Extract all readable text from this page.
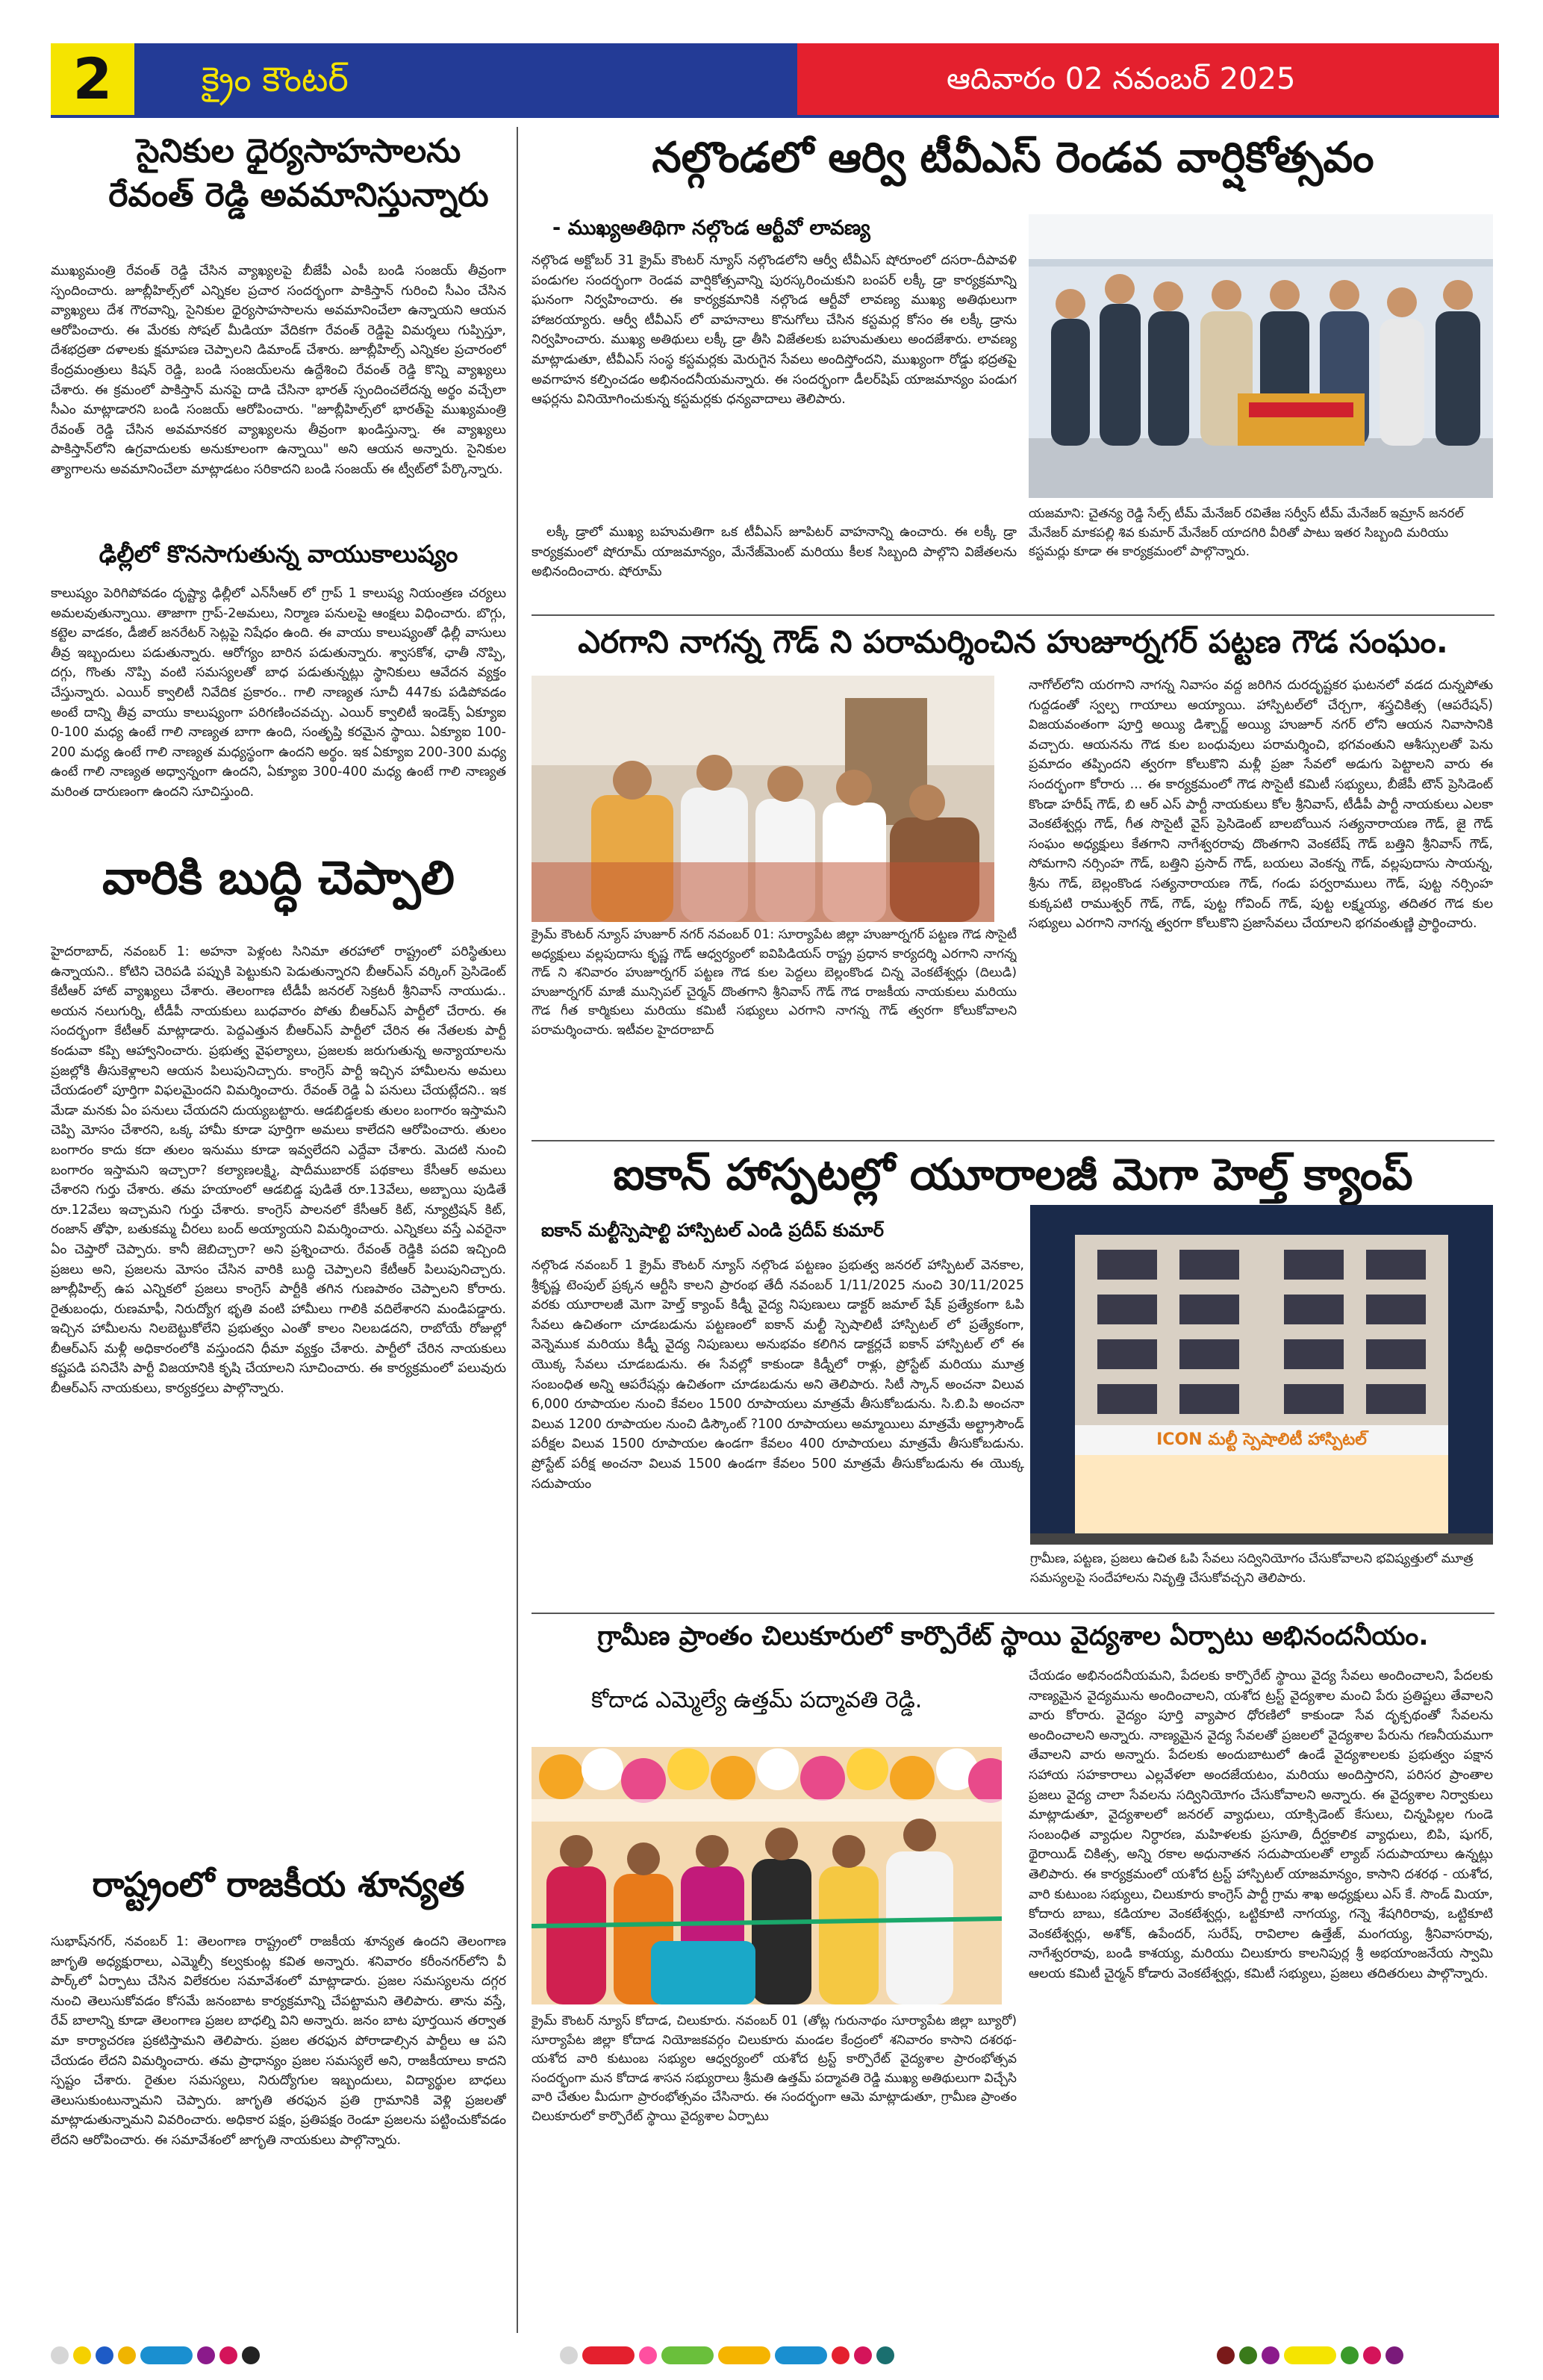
2	క్రైం కౌంటర్	ఆదివారం 02 నవంబర్ 2025
సైనికుల ధైర్యసాహసాలను
రేవంత్ రెడ్డి అవమానిస్తున్నారు

ముఖ్యమంత్రి రేవంత్ రెడ్డి చేసిన వ్యాఖ్యలపై బీజేపీ ఎంపీ బండి సంజయ్ తీవ్రంగా స్పందించారు. జూబ్లీహిల్స్‌లో ఎన్నికల ప్రచార సందర్భంగా పాకిస్తాన్ గురించి సీఎం చేసిన వ్యాఖ్యలు దేశ గౌరవాన్ని, సైనికుల ధైర్యసాహసాలను అవమానించేలా ఉన్నాయని ఆయన ఆరోపించారు. ఈ మేరకు సోషల్ మీడియా వేదికగా రేవంత్ రెడ్డిపై విమర్శలు గుప్పిస్తూ, దేశభద్రతా దళాలకు క్షమాపణ చెప్పాలని డిమాండ్ చేశారు. జూబ్లీహిల్స్ ఎన్నికల ప్రచారంలో కేంద్రమంత్రులు కిషన్ రెడ్డి, బండి సంజయ్‌లను ఉద్దేశించి రేవంత్ రెడ్డి కొన్ని వ్యాఖ్యలు చేశారు. ఈ క్రమంలో పాకిస్తాన్ మనపై దాడి చేసినా భారత్ స్పందించలేదన్న అర్థం వచ్చేలా సీఎం మాట్లాడారని బండి సంజయ్ ఆరోపించారు. "జూబ్లీహిల్స్‌లో భారత్‌పై ముఖ్యమంత్రి రేవంత్ రెడ్డి చేసిన అవమానకర వ్యాఖ్యలను తీవ్రంగా ఖండిస్తున్నా. ఈ వ్యాఖ్యలు పాకిస్తాన్‌లోని ఉగ్రవాదులకు అనుకూలంగా ఉన్నాయి" అని ఆయన అన్నారు. సైనికుల త్యాగాలను అవమానించేలా మాట్లాడటం సరికాదని బండి సంజయ్ ఈ ట్వీట్‌లో పేర్కొన్నారు.

ఢిల్లీలో కొనసాగుతున్న వాయుకాలుష్యం

కాలుష్యం పెరిగిపోవడం దృష్ట్యా ఢిల్లీలో ఎన్‌సీఆర్ లో గ్రాప్ 1 కాలుష్య నియంత్రణ చర్యలు అమలవుతున్నాయి. తాజాగా గ్రాప్-2అమలు, నిర్మాణ పనులపై ఆంక్షలు విధించారు. బొగ్గు, కట్టెల వాడకం, డీజిల్ జనరేటర్ సెట్లపై నిషేధం ఉంది. ఈ వాయు కాలుష్యంతో ఢిల్లీ వాసులు తీవ్ర ఇబ్బందులు పడుతున్నారు. ఆరోగ్యం బారిన పడుతున్నారు. శ్వాసకోశ, ఛాతీ నొప్పి, దగ్గు, గొంతు నొప్పి వంటి సమస్యలతో బాధ పడుతున్నట్లు స్థానికులు ఆవేదన వ్యక్తం చేస్తున్నారు. ఎయిర్ క్వాలిటీ నివేదిక ప్రకారం.. గాలి నాణ్యత సూచీ 447కు పడిపోవడం అంటే దాన్ని తీవ్ర వాయు కాలుష్యంగా పరిగణించవచ్చు. ఎయిర్ క్వాలిటీ ఇండెక్స్ ఏక్యూఐ 0-100 మధ్య ఉంటే గాలి నాణ్యత బాగా ఉంది, సంతృప్తి కరమైన స్థాయి. ఏక్యూఐ 100-200 మధ్య ఉంటే గాలి నాణ్యత మధ్యస్థంగా ఉందని అర్థం. ఇక ఏక్యూఐ 200-300 మధ్య ఉంటే గాలి నాణ్యత అధ్వాన్నంగా ఉందని, ఏక్యూఐ 300-400 మధ్య ఉంటే గాలి నాణ్యత మరింత దారుణంగా ఉందని సూచిస్తుంది.

వారికి బుద్ధి చెప్పాలి

హైదరాబాద్, నవంబర్ 1: అహనా పెళ్లంట సినిమా తరహాలో రాష్ట్రంలో పరిస్థితులు ఉన్నాయని.. కోటిని చెరిపడి పప్పుకి పెట్టుకుని పెడుతున్నారని బీఆర్ఎస్ వర్కింగ్ ప్రెసిడెంట్ కేటీఆర్ హాట్ వ్యాఖ్యలు చేశారు. తెలంగాణ టీడీపీ జనరల్ సెక్రటరీ శ్రీనివాస్ నాయుడు.. అయన నలుగుర్ని, టీడీపీ నాయకులు బుధవారం పోతు బీఆర్ఎస్ పార్టీలో చేరారు. ఈ సందర్భంగా కేటీఆర్ మాట్లాడారు. పెద్దఎత్తున బీఆర్ఎస్ పార్టీలో చేరిన ఈ నేతలకు పార్టీ కండువా కప్పి ఆహ్వానించారు. ప్రభుత్వ వైఫల్యాలు, ప్రజలకు జరుగుతున్న అన్యాయాలను ప్రజల్లోకి తీసుకెళ్లాలని ఆయన పిలుపునిచ్చారు. కాంగ్రెస్ పార్టీ ఇచ్చిన హామీలను అమలు చేయడంలో పూర్తిగా విఫలమైందని విమర్శించారు. రేవంత్ రెడ్డి ఏ పనులు చేయట్లేదని.. ఇక మేడా మనకు ఏం పనులు చేయదని దుయ్యబట్టారు. ఆడబిడ్డలకు తులం బంగారం ఇస్తామని చెప్పి మోసం చేశారని, ఒక్క హామీ కూడా పూర్తిగా అమలు కాలేదని ఆరోపించారు. తులం బంగారం కాదు కదా తులం ఇనుము కూడా ఇవ్వలేదని ఎద్దేవా చేశారు. మెదటి నుంచి బంగారం ఇస్తామని ఇచ్చారా? కల్యాణలక్ష్మి, షాదీముబారక్ పథకాలు కేసీఆర్ అమలు చేశారని గుర్తు చేశారు. తమ హయాంలో ఆడబిడ్డ పుడితే రూ.13వేలు, అబ్బాయి పుడితే రూ.12వేలు ఇచ్చామని గుర్తు చేశారు. కాంగ్రెస్ పాలనలో కేసీఆర్ కిట్, న్యూట్రిషన్ కిట్, రంజాన్ తోఫా, బతుకమ్మ చీరలు బంద్ అయ్యాయని విమర్శించారు. ఎన్నికలు వస్తే ఎవరైనా ఏం చెప్తారో చెప్పారు. కానీ జెబిచ్చారా? అని ప్రశ్నించారు. రేవంత్ రెడ్డికి పదవి ఇచ్చింది ప్రజలు అని, ప్రజలను మోసం చేసిన వారికి బుద్ధి చెప్పాలని కేటీఆర్ పిలుపునిచ్చారు. జూబ్లీహిల్స్ ఉప ఎన్నికలో ప్రజలు కాంగ్రెస్ పార్టీకి తగిన గుణపాఠం చెప్పాలని కోరారు. రైతుబంధు, రుణమాఫీ, నిరుద్యోగ భృతి వంటి హామీలు గాలికి వదిలేశారని మండిపడ్డారు. ఇచ్చిన హామీలను నిలబెట్టుకోలేని ప్రభుత్వం ఎంతో కాలం నిలబడదని, రాబోయే రోజుల్లో బీఆర్ఎస్ మళ్లీ అధికారంలోకి వస్తుందని ధీమా వ్యక్తం చేశారు. పార్టీలో చేరిన నాయకులు కష్టపడి పనిచేసి పార్టీ విజయానికి కృషి చేయాలని సూచించారు. ఈ కార్యక్రమంలో పలువురు బీఆర్ఎస్ నాయకులు, కార్యకర్తలు పాల్గొన్నారు.

రాష్ట్రంలో రాజకీయ శూన్యత

సుభాష్‌నగర్, నవంబర్ 1: తెలంగాణ రాష్ట్రంలో రాజకీయ శూన్యత ఉందని తెలంగాణ జాగృతి అధ్యక్షురాలు, ఎమ్మెల్సీ కల్వకుంట్ల కవిత అన్నారు. శనివారం కరీంనగర్‌లోని వీ పార్క్‌లో ఏర్పాటు చేసిన విలేకరుల సమావేశంలో మాట్లాడారు. ప్రజల సమస్యలను దగ్గర నుంచి తెలుసుకోవడం కోసమే జనంబాట కార్యక్రమాన్ని చేపట్టామని తెలిపారు. తాను వస్తే, రేవ్ బాలాన్ని కూడా తెలంగాణ ప్రజల బాధల్ని విని అన్నారు. జనం బాట పూర్తయిన తర్వాత మా కార్యాచరణ ప్రకటిస్తామని తెలిపారు. ప్రజల తరఫున పోరాడాల్సిన పార్టీలు ఆ పని చేయడం లేదని విమర్శించారు. తమ ప్రాధాన్యం ప్రజల సమస్యలే అని, రాజకీయాలు కాదని స్పష్టం చేశారు. రైతుల సమస్యలు, నిరుద్యోగుల ఇబ్బందులు, విద్యార్థుల బాధలు తెలుసుకుంటున్నామని చెప్పారు. జాగృతి తరఫున ప్రతి గ్రామానికి వెళ్లి ప్రజలతో మాట్లాడుతున్నామని వివరించారు. అధికార పక్షం, ప్రతిపక్షం రెండూ ప్రజలను పట్టించుకోవడం లేదని ఆరోపించారు. ఈ సమావేశంలో జాగృతి నాయకులు పాల్గొన్నారు.

నల్గొండలో ఆర్వి టీవీఎస్ రెండవ వార్షికోత్సవం
- ముఖ్యఅతిథిగా నల్గొండ ఆర్టీవో లావణ్య

నల్గొండ అక్టోబర్ 31 క్రైమ్ కౌంటర్ న్యూస్ నల్గొండలోని ఆర్వీ టీవీఎస్ షోరూంలో దసరా-దీపావళి పండుగల సందర్భంగా రెండవ వార్షికోత్సవాన్ని పురస్కరించుకుని బంపర్ లక్కీ డ్రా కార్యక్రమాన్ని ఘనంగా నిర్వహించారు. ఈ కార్యక్రమానికి నల్గొండ ఆర్టీవో లావణ్య ముఖ్య అతిథులుగా హాజరయ్యారు. ఆర్వీ టీవీఎస్ లో వాహనాలు కొనుగోలు చేసిన కస్టమర్ల కోసం ఈ లక్కీ డ్రాను నిర్వహించారు. ముఖ్య అతిథులు లక్కీ డ్రా తీసి విజేతలకు బహుమతులు అందజేశారు. లావణ్య మాట్లాడుతూ, టీవీఎస్ సంస్థ కస్టమర్లకు మెరుగైన సేవలు అందిస్తోందని, ముఖ్యంగా రోడ్డు భద్రతపై అవగాహన కల్పించడం అభినందనీయమన్నారు. ఈ సందర్భంగా డీలర్‌షిప్ యాజమాన్యం పండుగ ఆఫర్లను వినియోగించుకున్న కస్టమర్లకు ధన్యవాదాలు తెలిపారు.

లక్కీ డ్రాలో ముఖ్య బహుమతిగా ఒక టీవీఎస్ జూపిటర్ వాహనాన్ని ఉంచారు. ఈ లక్కీ డ్రా కార్యక్రమంలో షోరూమ్ యాజమాన్యం, మేనేజ్‌మెంట్ మరియు కీలక సిబ్బంది పాల్గొని విజేతలను అభినందించారు. షోరూమ్

యజమాని: చైతన్య రెడ్డి సేల్స్ టీమ్ మేనేజర్ రవితేజ సర్వీస్ టీమ్ మేనేజర్ ఇమ్రాన్ జనరల్ మేనేజర్ మాకపల్లి శివ కుమార్ మేనేజర్ యాదగిరి వీరితో పాటు ఇతర సిబ్బంది మరియు కస్టమర్లు కూడా ఈ కార్యక్రమంలో పాల్గొన్నారు.
ఎరగాని నాగన్న గౌడ్ ని పరామర్శించిన హుజూర్నగర్ పట్టణ గౌడ సంఘం.
క్రైమ్ కౌంటర్ న్యూస్ హుజూర్ నగర్ నవంబర్ 01: సూర్యాపేట జిల్లా హుజూర్నగర్ పట్టణ గౌడ సొసైటీ అధ్యక్షులు వల్లపుదాసు కృష్ణ గౌడ్ ఆధ్వర్యంలో ఐవిపిడియస్ రాష్ట్ర ప్రధాన కార్యదర్శి ఎరగాని నాగన్న గౌడ్ ని శనివారం హుజూర్నగర్ పట్టణ గౌడ కుల పెద్దలు బెల్లంకొండ చిన్న వెంకటేశ్వర్లు (దిలుడి) హుజూర్నగర్ మాజీ మున్సిపల్ చైర్మన్ దొంతగాని శ్రీనివాస్ గౌడ్ గౌడ రాజకీయ నాయకులు మరియు గౌడ గీత కార్మికులు మరియు కమిటీ సభ్యులు ఎరగాని నాగన్న గౌడ్ త్వరగా కోలుకోవాలని పరామర్శించారు. ఇటీవల హైదరాబాద్

నాగోల్‌లోని యరగాని నాగన్న నివాసం వద్ద జరిగిన దురదృష్టకర ఘటనలో వడద దున్నపోతు గుద్దడంతో స్వల్ప గాయాలు అయ్యాయి. హాస్పిటల్‌లో చేర్చగా, శస్త్రచికిత్స (ఆపరేషన్) విజయవంతంగా పూర్తి అయ్యి డిశ్చార్జ్ అయ్యి హుజూర్ నగర్ లోని ఆయన నివాసానికి వచ్చారు. ఆయనను గౌడ కుల బంధువులు పరామర్శించి, భగవంతుని ఆశీస్సులతో పెను ప్రమాదం తప్పిందని త్వరగా కోలుకొని మళ్లీ ప్రజా సేవలో అడుగు పెట్టాలని వారు ఈ సందర్భంగా కోరారు ... ఈ కార్యక్రమంలో గౌడ సొసైటీ కమిటీ సభ్యులు, బీజేపీ టౌన్ ప్రెసిడెంట్ కొండా హరీష్ గౌడ్, బి ఆర్ ఎస్ పార్టీ నాయకులు కోల శ్రీనివాస్, టీడీపీ పార్టీ నాయకులు ఎలకా వెంకటేశ్వర్లు గౌడ్, గీత సొసైటీ వైస్ ప్రెసిడెంట్ బాలబోయిన సత్యనారాయణ గౌడ్, జై గౌడ్ సంఘం అధ్యక్షులు కేతగాని నాగేశ్వరరావు దొంతగాని వెంకటేష్ గౌడ్ బత్తిని శ్రీనివాస్ గౌడ్, సోమగాని నర్సింహ గౌడ్, బత్తిని ప్రసాద్ గౌడ్, బయలు వెంకన్న గౌడ్, వల్లపుదాసు సాయన్న, శ్రీను గౌడ్, బెల్లంకొండ సత్యనారాయణ గౌడ్, గండు పర్వరాములు గౌడ్, పుట్ట నర్సింహ కుక్కపటి రాముశ్వర్ గౌడ్, గౌడ్, పుట్ట గోవింద్ గౌడ్, పుట్ట లక్ష్మయ్య, తదితర గౌడ కుల సభ్యులు ఎరగాని నాగన్న త్వరగా కోలుకొని ప్రజాసేవలు చేయాలని భగవంతుణ్ణి ప్రార్థించారు.

ఐకాన్ హాస్పటల్లో యూరాలజీ మెగా హెల్త్ క్యాంప్
ఐకాన్ మల్టీస్పెషాల్టి హాస్పిటల్ ఎండి ప్రదీప్ కుమార్

నల్గొండ నవంబర్ 1 క్రైమ్ కౌంటర్ న్యూస్ నల్గొండ పట్టణం ప్రభుత్వ జనరల్ హాస్పిటల్ వెనకాల, శ్రీకృష్ణ టెంపుల్ ప్రక్కన ఆర్టీసి కాలని ప్రారంభ తేదీ నవంబర్ 1/11/2025 నుంచి 30/11/2025 వరకు యూరాలజీ మెగా హెల్త్ క్యాంప్ కిడ్నీ వైద్య నిపుణులు డాక్టర్ జమాల్ షేక్ ప్రత్యేకంగా ఓపి సేవలు ఉచితంగా చూడబడును పట్టణంలో ఐకాన్ మల్టీ స్పెషాలిటీ హాస్పిటల్ లో ప్రత్యేకంగా, వెన్నెముక మరియు కిడ్నీ వైద్య నిపుణులు అనుభవం కలిగిన డాక్టర్లచే ఐకాన్ హాస్పిటల్ లో ఈ యొక్క సేవలు చూడబడును. ఈ సేవల్లో కాకుండా కిడ్నీలో రాళ్లు, ప్రోస్టేట్ మరియు మూత్ర సంబంధిత అన్ని ఆపరేషన్లు ఉచితంగా చూడబడును అని తెలిపారు. సిటీ స్కాన్ అంచనా విలువ 6,000 రూపాయల నుంచి కేవలం 1500 రూపాయలు మాత్రమే తీసుకోబడును. సి.బి.పి అంచనా విలువ 1200 రూపాయల నుంచి డిస్కౌంట్ ?100 రూపాయలు అమ్మాయిలు మాత్రమే అల్ట్రాసౌండ్ పరీక్షల విలువ 1500 రూపాయల ఉండగా కేవలం 400 రూపాయలు మాత్రమే తీసుకోబడును. ప్రోస్టేట్ పరీక్ష అంచనా విలువ 1500 ఉండగా కేవలం 500 మాత్రమే తీసుకోబడును ఈ యొక్క సదుపాయం

ICON మల్టీ స్పెషాలిటీ హాస్పిటల్
గ్రామీణ, పట్టణ, ప్రజలు ఉచిత ఓపి సేవలు సద్వినియోగం చేసుకోవాలని భవిష్యత్తులో మూత్ర సమస్యలపై సందేహాలను నివృత్తి చేసుకోవచ్చని తెలిపారు.
గ్రామీణ ప్రాంతం చిలుకూరులో కార్పొరేట్ స్థాయి వైద్యశాల ఏర్పాటు అభినందనీయం.
కోదాడ ఎమ్మెల్యే ఉత్తమ్ పద్మావతి రెడ్డి.
క్రైమ్ కౌంటర్ న్యూస్ కోదాడ, చిలుకూరు. నవంబర్ 01 (తోట్ల గురునాథం సూర్యాపేట జిల్లా బ్యూరో) సూర్యాపేట జిల్లా కోదాడ నియోజకవర్గం చిలుకూరు మండల కేంద్రంలో శనివారం కాసాని దశరథ-యశోద వారి కుటుంబ సభ్యుల ఆధ్వర్యంలో యశోద ట్రస్ట్ కార్పొరేట్ వైద్యశాల ప్రారంభోత్సవ సందర్భంగా మన కోదాడ శాసన సభ్యురాలు శ్రీమతి ఉత్తమ్ పద్మావతి రెడ్డి ముఖ్య అతిథులుగా విచ్చేసి వారి చేతుల మీదుగా ప్రారంభోత్సవం చేసినారు. ఈ సందర్భంగా ఆమె మాట్లాడుతూ, గ్రామీణ ప్రాంతం చిలుకూరులో కార్పొరేట్ స్థాయి వైద్యశాల ఏర్పాటు

చేయడం అభినందనీయమని, పేదలకు కార్పొరేట్ స్థాయి వైద్య సేవలు అందించాలని, పేదలకు నాణ్యమైన వైద్యమును అందించాలని, యశోద ట్రస్ట్ వైద్యశాల మంచి పేరు ప్రతిష్టలు తేవాలని వారు కోరారు. వైద్యం పూర్తి వ్యాపార ధోరణిలో కాకుండా సేవ దృక్పథంతో సేవలను అందించాలని అన్నారు. నాణ్యమైన వైద్య సేవలతో ప్రజలలో వైద్యశాల పేరును గణనీయముగా తేవాలని వారు అన్నారు. పేదలకు అందుబాటులో ఉండే వైద్యశాలలకు ప్రభుత్వం పక్షాన సహాయ సహకారాలు ఎల్లవేళలా అందజేయటం, మరియు అందిస్తారని, పరిసర ప్రాంతాల ప్రజలు వైద్య చాలా సేవలను సద్వినియోగం చేసుకోవాలని అన్నారు. ఈ వైద్యశాల నిర్వాకులు మాట్లాడుతూ, వైద్యశాలలో జనరల్ వ్యాధులు, యాక్సిడెంట్ కేసులు, చిన్నపిల్లల గుండె సంబంధిత వ్యాధుల నిర్ధారణ, మహిళలకు ప్రసూతి, దీర్ఘకాలిక వ్యాధులు, బిపి, షుగర్, థైరాయిడ్ చికిత్స, అన్ని రకాల అధునాతన సదుపాయలతో ల్యాబ్ సదుపాయాలు ఉన్నట్లు తెలిపారు. ఈ కార్యక్రమంలో యశోద ట్రస్ట్ హాస్పిటల్ యాజమాన్యం, కాసాని దశరథ - యశోద, వారి కుటుంబ సభ్యులు, చిలుకూరు కాంగ్రెస్ పార్టీ గ్రామ శాఖ అధ్యక్షులు ఎస్ కే. సొండ్ మియా, కోదారు బాబు, కడియాల వెంకటేశ్వర్లు, ఒట్టికూటి నాగయ్య, గన్నె శేషగిరిరావు, ఒట్టికూటి వెంకటేశ్వర్లు, అశోక్, ఉపేందర్, సురేష్, రావిలాల ఉత్తేజ్, మంగయ్య, శ్రీనివాసరావు, నాగేశ్వరరావు, బండి కాశయ్య, మరియు చిలుకూరు కాలనిపుర్ల శ్రీ అభయాంజనేయ స్వామి ఆలయ కమిటీ చైర్మన్ కోడారు వెంకటేశ్వర్లు, కమిటీ సభ్యులు, ప్రజలు తదితరులు పాల్గొన్నారు.
